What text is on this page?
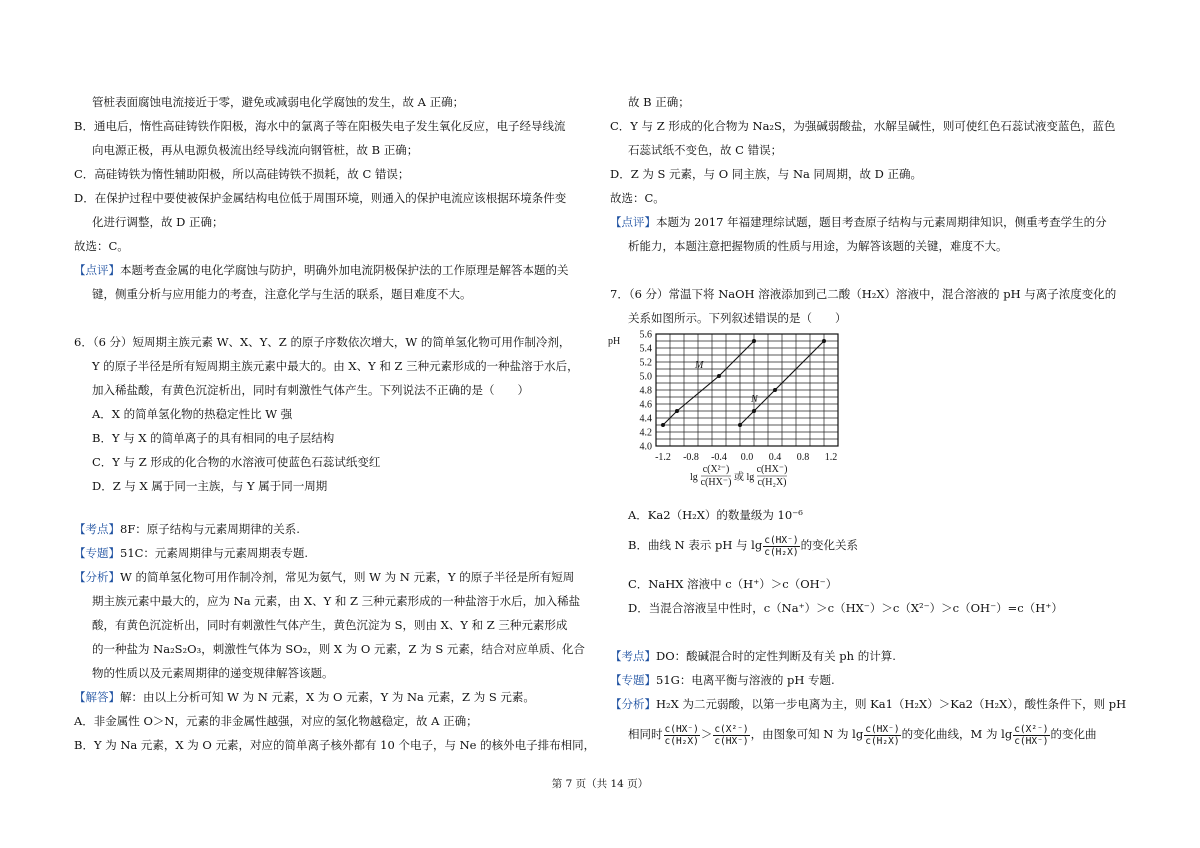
管桩表面腐蚀电流接近于零，避免或减弱电化学腐蚀的发生，故 A 正确；
B．通电后，惰性高硅铸铁作阳极，海水中的氯离子等在阳极失电子发生氧化反应，电子经导线流
向电源正极，再从电源负极流出经导线流向钢管桩，故 B 正确；
C．高硅铸铁为惰性辅助阳极，所以高硅铸铁不损耗，故 C 错误；
D．在保护过程中要使被保护金属结构电位低于周围环境，则通入的保护电流应该根据环境条件变
化进行调整，故 D 正确；
故选：C。
【点评】本题考查金属的电化学腐蚀与防护，明确外加电流阴极保护法的工作原理是解答本题的关
键，侧重分析与应用能力的考查，注意化学与生活的联系，题目难度不大。
6．（6 分）短周期主族元素 W、X、Y、Z 的原子序数依次增大，W 的简单氢化物可用作制冷剂，
Y 的原子半径是所有短周期主族元素中最大的。由 X、Y 和 Z 三种元素形成的一种盐溶于水后，
加入稀盐酸，有黄色沉淀析出，同时有刺激性气体产生。下列说法不正确的是（　　）
A．X 的简单氢化物的热稳定性比 W 强
B．Y 与 X 的简单离子的具有相同的电子层结构
C．Y 与 Z 形成的化合物的水溶液可使蓝色石蕊试纸变红
D．Z 与 X 属于同一主族，与 Y 属于同一周期
【考点】8F：原子结构与元素周期律的关系.
【专题】51C：元素周期律与元素周期表专题.
【分析】W 的简单氢化物可用作制冷剂，常见为氨气，则 W 为 N 元素，Y 的原子半径是所有短周
期主族元素中最大的，应为 Na 元素，由 X、Y 和 Z 三种元素形成的一种盐溶于水后，加入稀盐
酸，有黄色沉淀析出，同时有刺激性气体产生，黄色沉淀为 S，则由 X、Y 和 Z 三种元素形成
的一种盐为 Na₂S₂O₃，刺激性气体为 SO₂，则 X 为 O 元素，Z 为 S 元素，结合对应单质、化合
物的性质以及元素周期律的递变规律解答该题。
【解答】解：由以上分析可知 W 为 N 元素，X 为 O 元素，Y 为 Na 元素，Z 为 S 元素。
A．非金属性 O＞N，元素的非金属性越强，对应的氢化物越稳定，故 A 正确；
B．Y 为 Na 元素，X 为 O 元素，对应的简单离子核外都有 10 个电子，与 Ne 的核外电子排布相同，
故 B 正确；
C．Y 与 Z 形成的化合物为 Na₂S，为强碱弱酸盐，水解呈碱性，则可使红色石蕊试液变蓝色，蓝色
石蕊试纸不变色，故 C 错误；
D．Z 为 S 元素，与 O 同主族，与 Na 同周期，故 D 正确。
故选：C。
【点评】本题为 2017 年福建理综试题，题目考查原子结构与元素周期律知识，侧重考查学生的分
析能力，本题注意把握物质的性质与用途，为解答该题的关键，难度不大。
7．（6 分）常温下将 NaOH 溶液添加到己二酸（H₂X）溶液中，混合溶液的 pH 与离子浓度变化的
关系如图所示。下列叙述错误的是（　　）
A．Ka2（H₂X）的数量级为 10⁻⁶
B．曲线 N 表示 pH 与 $\lg \frac{c(HX^-)}{\text{c(H₂X)}}$ 的变化关系
C．NaHX 溶液中 c（H⁺）＞c（OH⁻）
D．当混合溶液呈中性时，c（Na⁺）＞c（HX⁻）＞c（X²⁻）＞c（OH⁻）=c（H⁺）
【考点】DO：酸碱混合时的定性判断及有关 ph 的计算.
【专题】51G：电离平衡与溶液的 pH 专题.
【分析】H₂X 为二元弱酸，以第一步电离为主，则 Ka1（H₂X）＞Ka2（H₂X），酸性条件下，则 pH
相同时 $\frac{c(HX^-)}{\text{c(H₂X)}} > \frac{\text{c(X²⁻)}}{c(HX^-)}$ ，由图象可知 N 为 $\lg \frac{c(HX^-)}{\text{c(H₂X)}}$ 的变化曲线，M 为 $\lg \frac{\text{c(X²⁻)}}{c(HX^-)}$ 的变化曲
4.0
4.2
4.4
4.6
4.8
5.0
5.2
5.4
5.6
-1.2 -0.8 -0.4 0.0 0.4 0.8 1.2
pH
M
N
lg
c(X²⁻)
c(HX⁻) 或 lg
c(HX⁻)
c(H₂X)
第 7 页（共 14 页）
